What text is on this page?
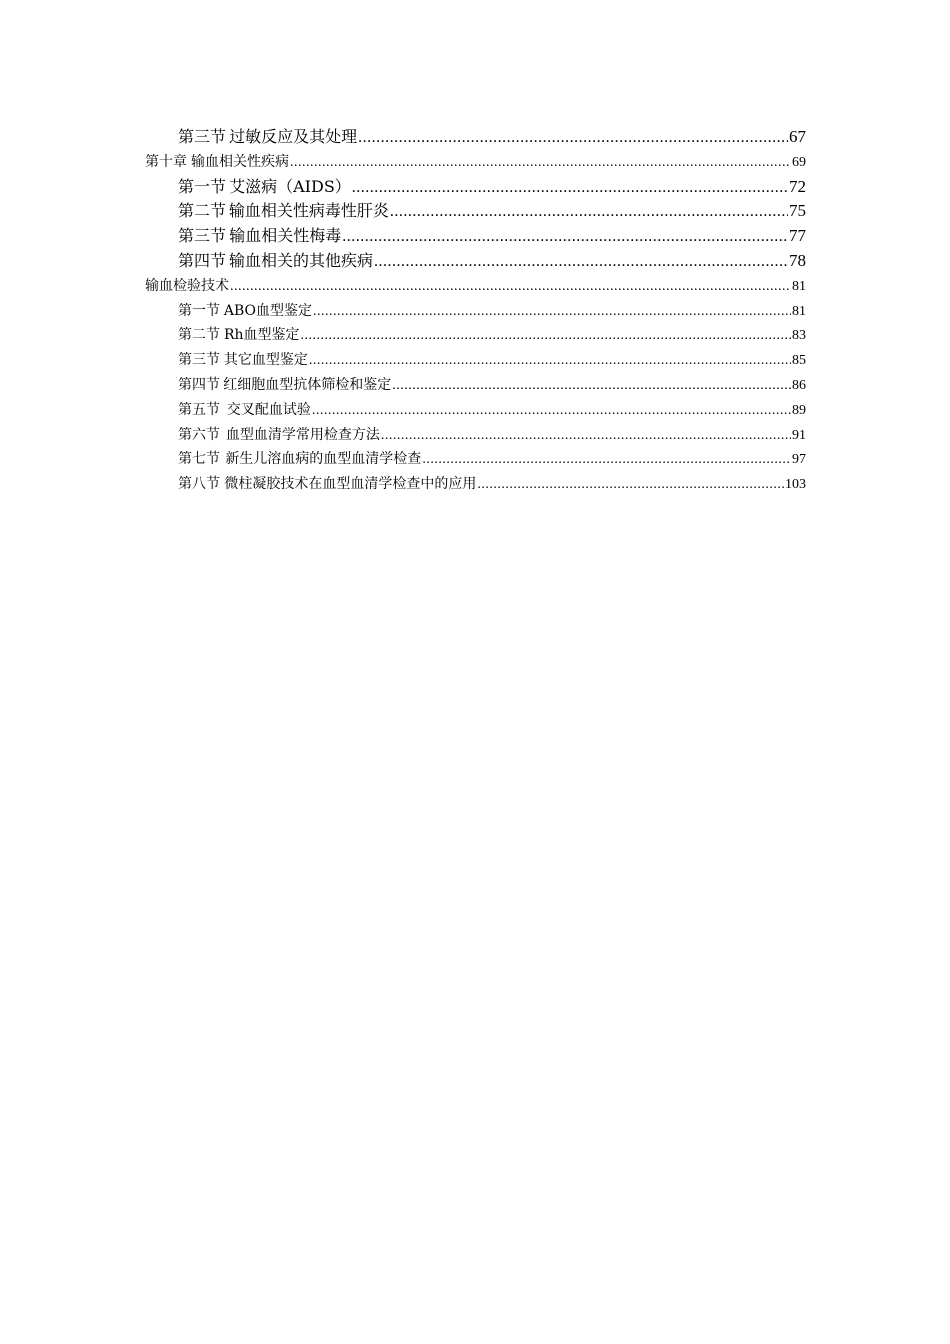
第三节 过敏反应及其处理 .....	67
第十章 输血相关性疾病 .....	69
第一节 艾滋病（AIDS） .....	72
第二节 输血相关性病毒性肝炎 .....	75
第三节 输血相关性梅毒 .....	77
第四节 输血相关的其他疾病 .....	78
输血检验技术 .....	81
第一节 ABO血型鉴定 .....	81
第二节 Rh血型鉴定 .....	83
第三节 其它血型鉴定 .....	85
第四节 红细胞血型抗体筛检和鉴定 .....	86
第五节 交叉配血试验 .....	89
第六节 血型血清学常用检查方法 .....	91
第七节 新生儿溶血病的血型血清学检查 .....	97
第八节 微柱凝胶技术在血型血清学检查中的应用 .....	103
